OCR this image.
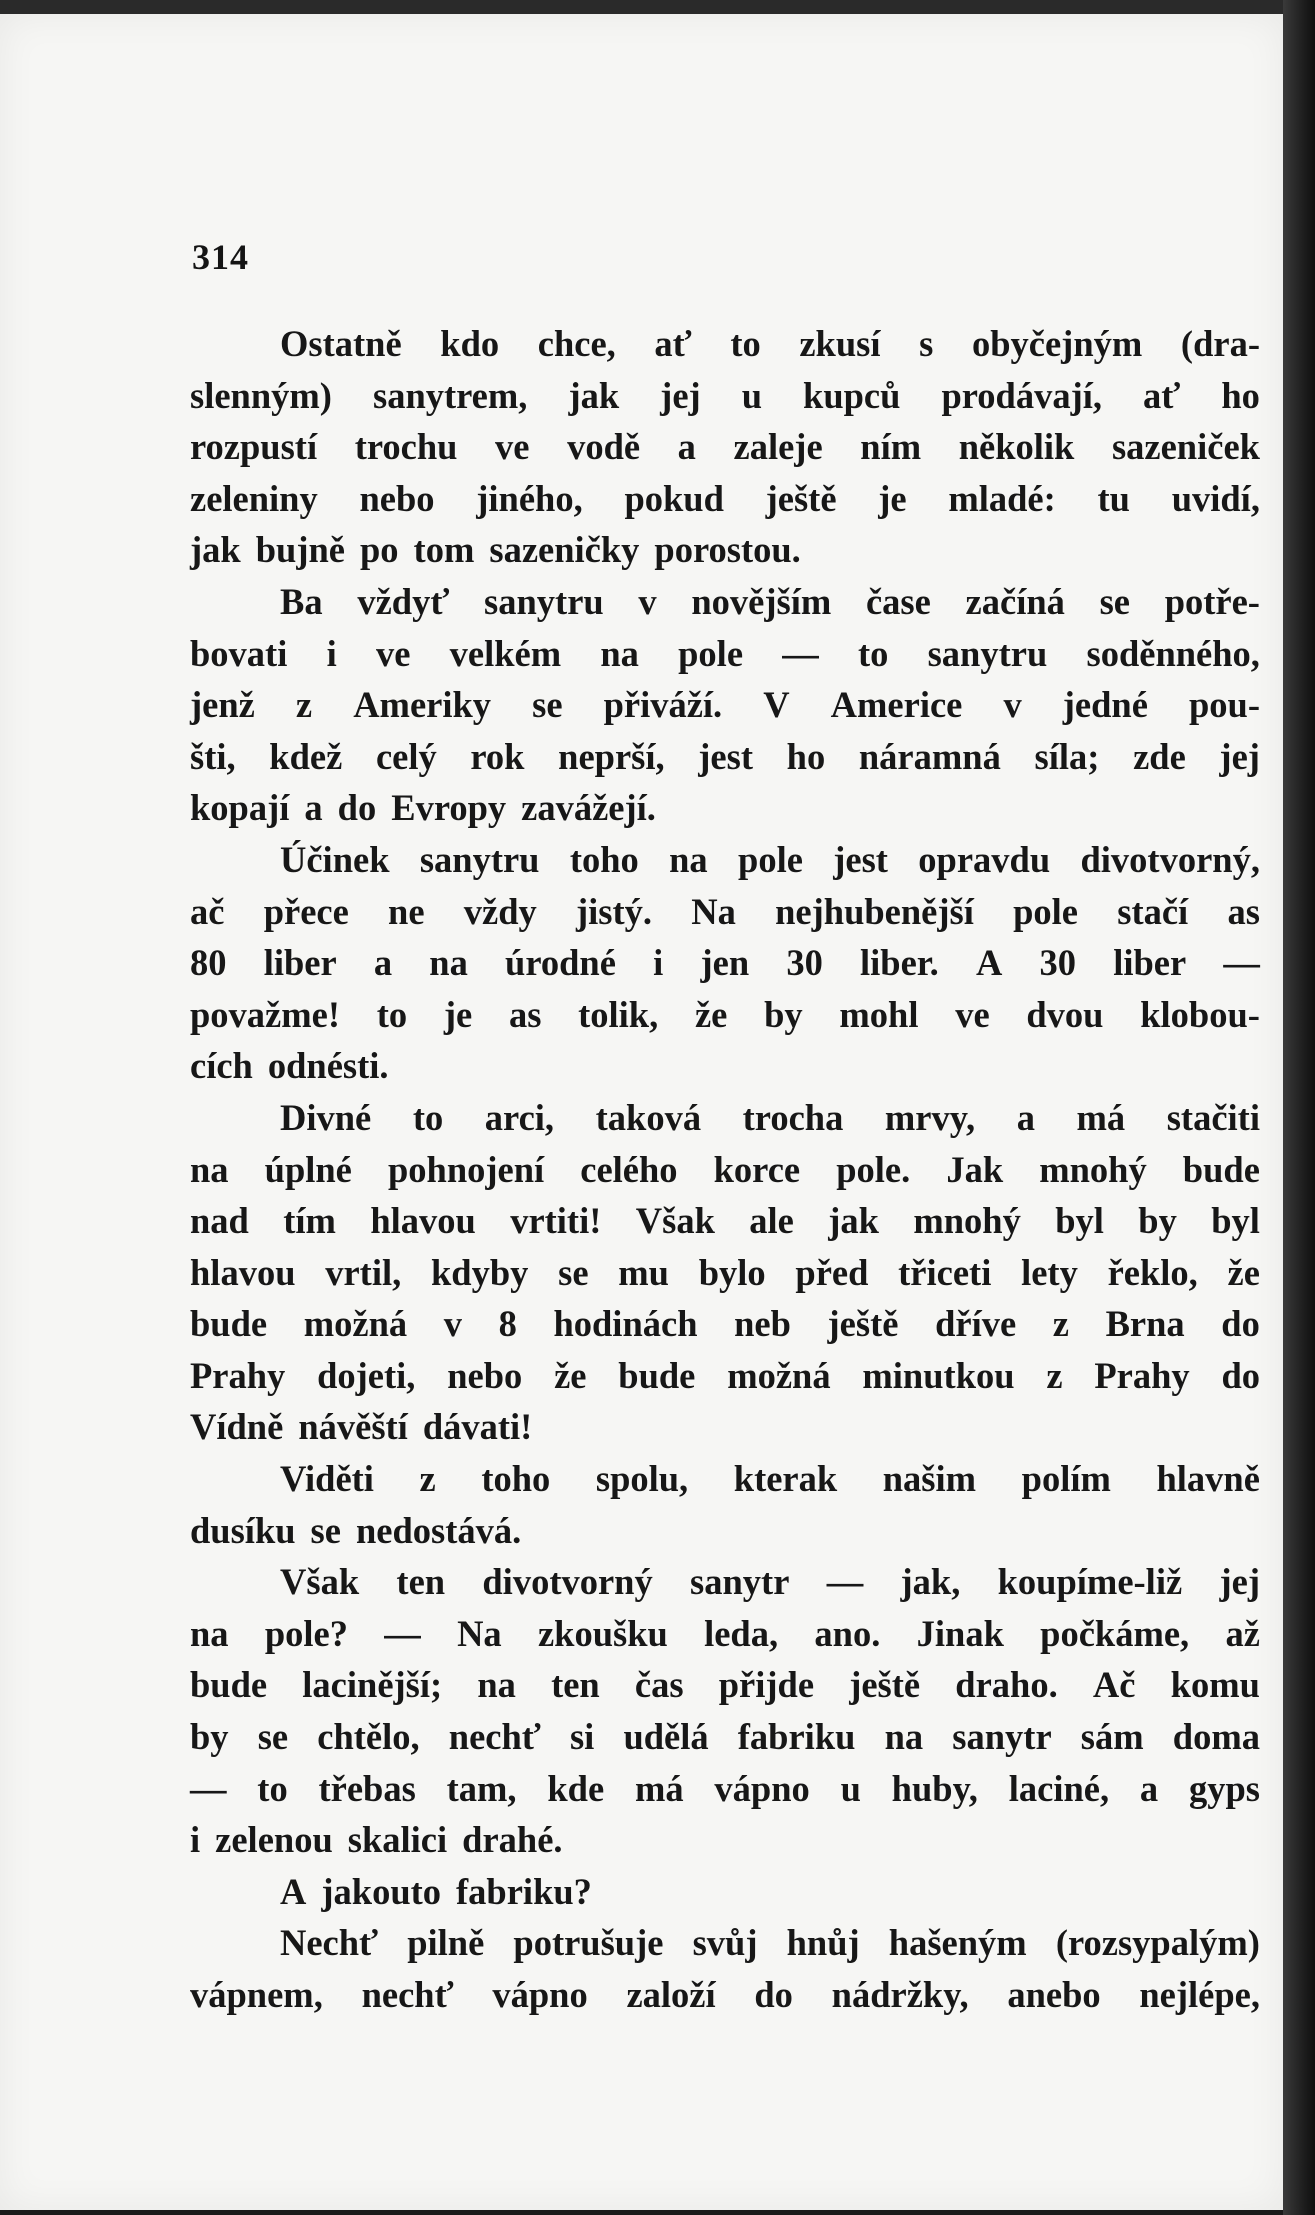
314
Ostatně kdo chce, ať to zkusí s obyčejným (dra-
slenným) sanytrem, jak jej u kupců prodávají, ať ho
rozpustí trochu ve vodě a zaleje ním několik sazeniček
zeleniny nebo jiného, pokud ještě je mladé: tu uvidí,
jak bujně po tom sazeničky porostou.
Ba vždyť sanytru v novějším čase začíná se potře-
bovati i ve velkém na pole — to sanytru soděnného,
jenž z Ameriky se přiváží. V Americe v jedné pou-
šti, kdež celý rok neprší, jest ho náramná síla; zde jej
kopají a do Evropy zavážejí.
Účinek sanytru toho na pole jest opravdu divotvorný,
ač přece ne vždy jistý. Na nejhubenější pole stačí as
80 liber a na úrodné i jen 30 liber. A 30 liber —
považme! to je as tolik, že by mohl ve dvou klobou-
cích odnésti.
Divné to arci, taková trocha mrvy, a má stačiti
na úplné pohnojení celého korce pole. Jak mnohý bude
nad tím hlavou vrtiti! Však ale jak mnohý byl by byl
hlavou vrtil, kdyby se mu bylo před třiceti lety řeklo, že
bude možná v 8 hodinách neb ještě dříve z Brna do
Prahy dojeti, nebo že bude možná minutkou z Prahy do
Vídně návěští dávati!
Viděti z toho spolu, kterak našim polím hlavně
dusíku se nedostává.
Však ten divotvorný sanytr — jak, koupíme-liž jej
na pole? — Na zkoušku leda, ano. Jinak počkáme, až
bude lacinější; na ten čas přijde ještě draho. Ač komu
by se chtělo, nechť si udělá fabriku na sanytr sám doma
— to třebas tam, kde má vápno u huby, laciné, a gyps
i zelenou skalici drahé.
A jakouto fabriku?
Nechť pilně potrušuje svůj hnůj hašeným (rozsypalým)
vápnem, nechť vápno založí do nádržky, anebo nejlépe,
